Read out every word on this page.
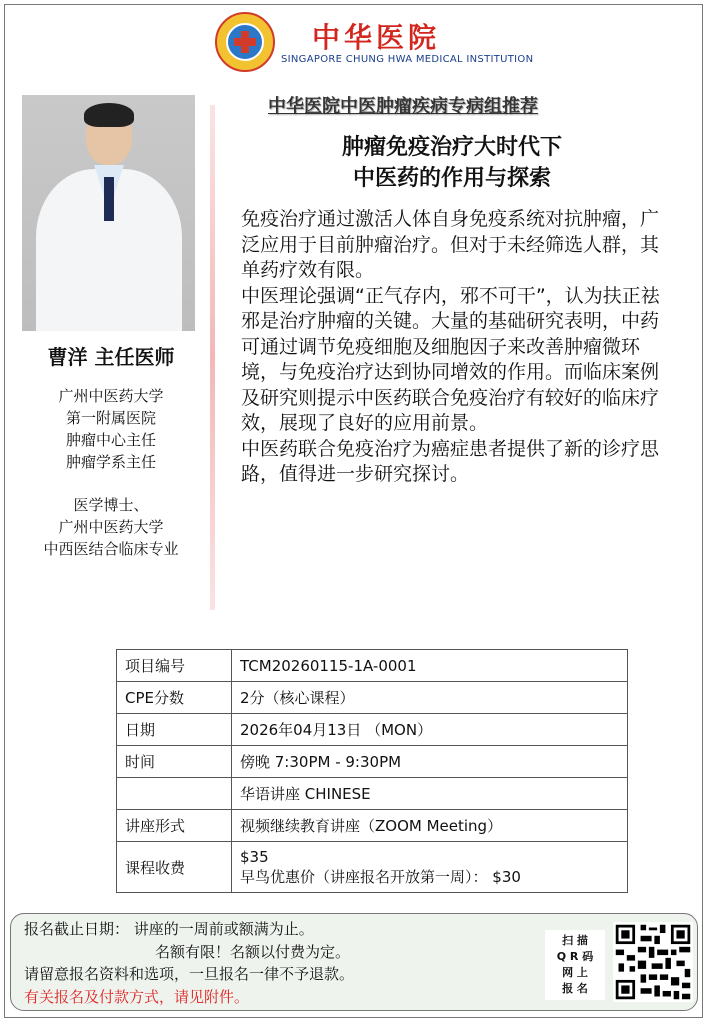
中华医院
SINGAPORE CHUNG HWA MEDICAL INSTITUTION
曹洋 主任医师
广州中医药大学
第一附属医院
肿瘤中心主任
肿瘤学系主任
医学博士、
广州中医药大学
中西医结合临床专业
中华医院中医肿瘤疾病专病组推荐
肿瘤免疫治疗大时代下
中医药的作用与探索

免疫治疗通过激活人体自身免疫系统对抗肿瘤，广泛应用于目前肿瘤治疗。但对于未经筛选人群，其单药疗效有限。

中医理论强调“正气存内，邪不可干”，认为扶正祛邪是治疗肿瘤的关键。大量的基础研究表明，中药可通过调节免疫细胞及细胞因子来改善肿瘤微环境，与免疫治疗达到协同增效的作用。而临床案例及研究则提示中医药联合免疫治疗有较好的临床疗效，展现了良好的应用前景。

中医药联合免疫治疗为癌症患者提供了新的诊疗思路，值得进一步研究探讨。

项目编号	TCM20260115-1A-0001
CPE分数	2分（核心课程）
日期	2026年04月13日 （MON）
时间	傍晚 7:30PM - 9:30PM
	华语讲座 CHINESE
讲座形式	视频继续教育讲座（ZOOM Meeting）
课程收费	$35
早鸟优惠价（讲座报名开放第一周）： $30
报名截止日期： 讲座的一周前或额满为止。
名额有限！名额以付费为定。
请留意报名资料和选项，一旦报名一律不予退款。
有关报名及付款方式，请见附件。
扫 描
Q R 码
网 上
报 名
